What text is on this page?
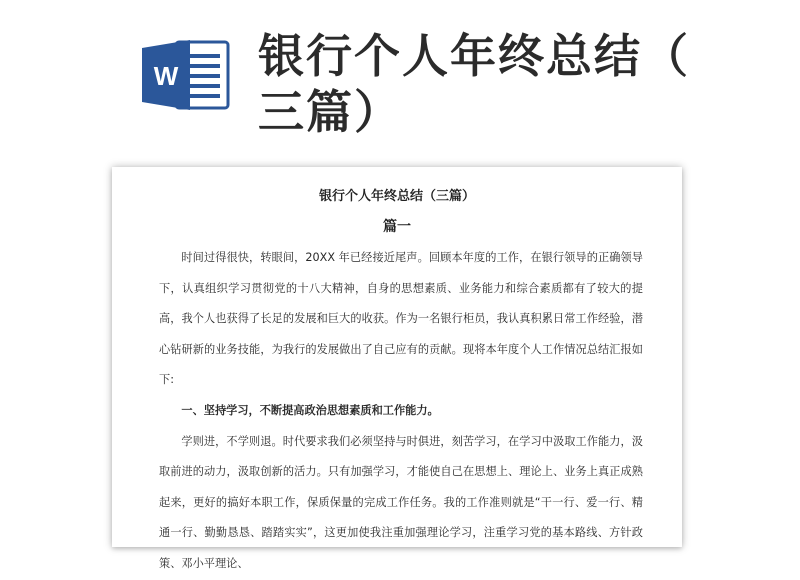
W 银行个人年终总结（
三篇）
银行个人年终总结（三篇）
篇一

时间过得很快，转眼间，20XX 年已经接近尾声。回顾本年度的工作，在银行领导的正确领导下，认真组织学习贯彻党的十八大精神，自身的思想素质、业务能力和综合素质都有了较大的提高，我个人也获得了长足的发展和巨大的收获。作为一名银行柜员，我认真积累日常工作经验，潜心钻研新的业务技能，为我行的发展做出了自己应有的贡献。现将本年度个人工作情况总结汇报如下:

一、坚持学习，不断提高政治思想素质和工作能力。

学则进，不学则退。时代要求我们必须坚持与时俱进，刻苦学习，在学习中汲取工作能力，汲取前进的动力，汲取创新的活力。只有加强学习，才能使自己在思想上、理论上、业务上真正成熟起来，更好的搞好本职工作，保质保量的完成工作任务。我的工作准则就是“干一行、爱一行、精通一行、勤勤恳恳、踏踏实实”，这更加使我注重加强理论学习，注重学习党的基本路线、方针政策、邓小平理论、
